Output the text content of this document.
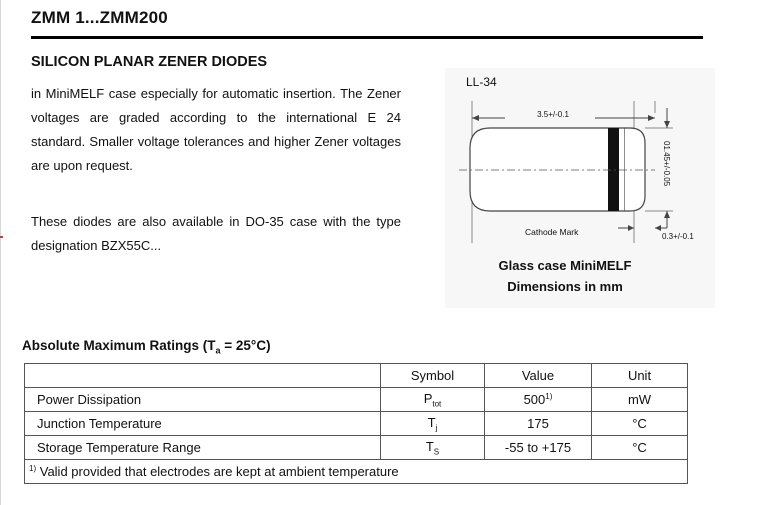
ZMM 1...ZMM200
SILICON PLANAR ZENER DIODES
in MiniMELF case especially for automatic insertion. The Zener voltages are graded according to the international E 24 standard. Smaller voltage tolerances and higher Zener voltages are upon request.
These diodes are also available in DO-35 case with the type designation BZX55C...
3.5+/-0.1
01.45+/-0.05
Cathode Mark	0.3+/-0.1
LL-34
Glass case MiniMELF
Dimensions in mm
Absolute Maximum Ratings $(T_a = 25^\circ C)$
	Symbol	Value	Unit
Power Dissipation	$P_{tot}$	500$^{1)}$	mW
Junction Temperature	$T_j$	175	°C
Storage Temperature Range	$T_S$	-55 to +175	°C
$^{1)}$ Valid provided that electrodes are kept at ambient temperature			
